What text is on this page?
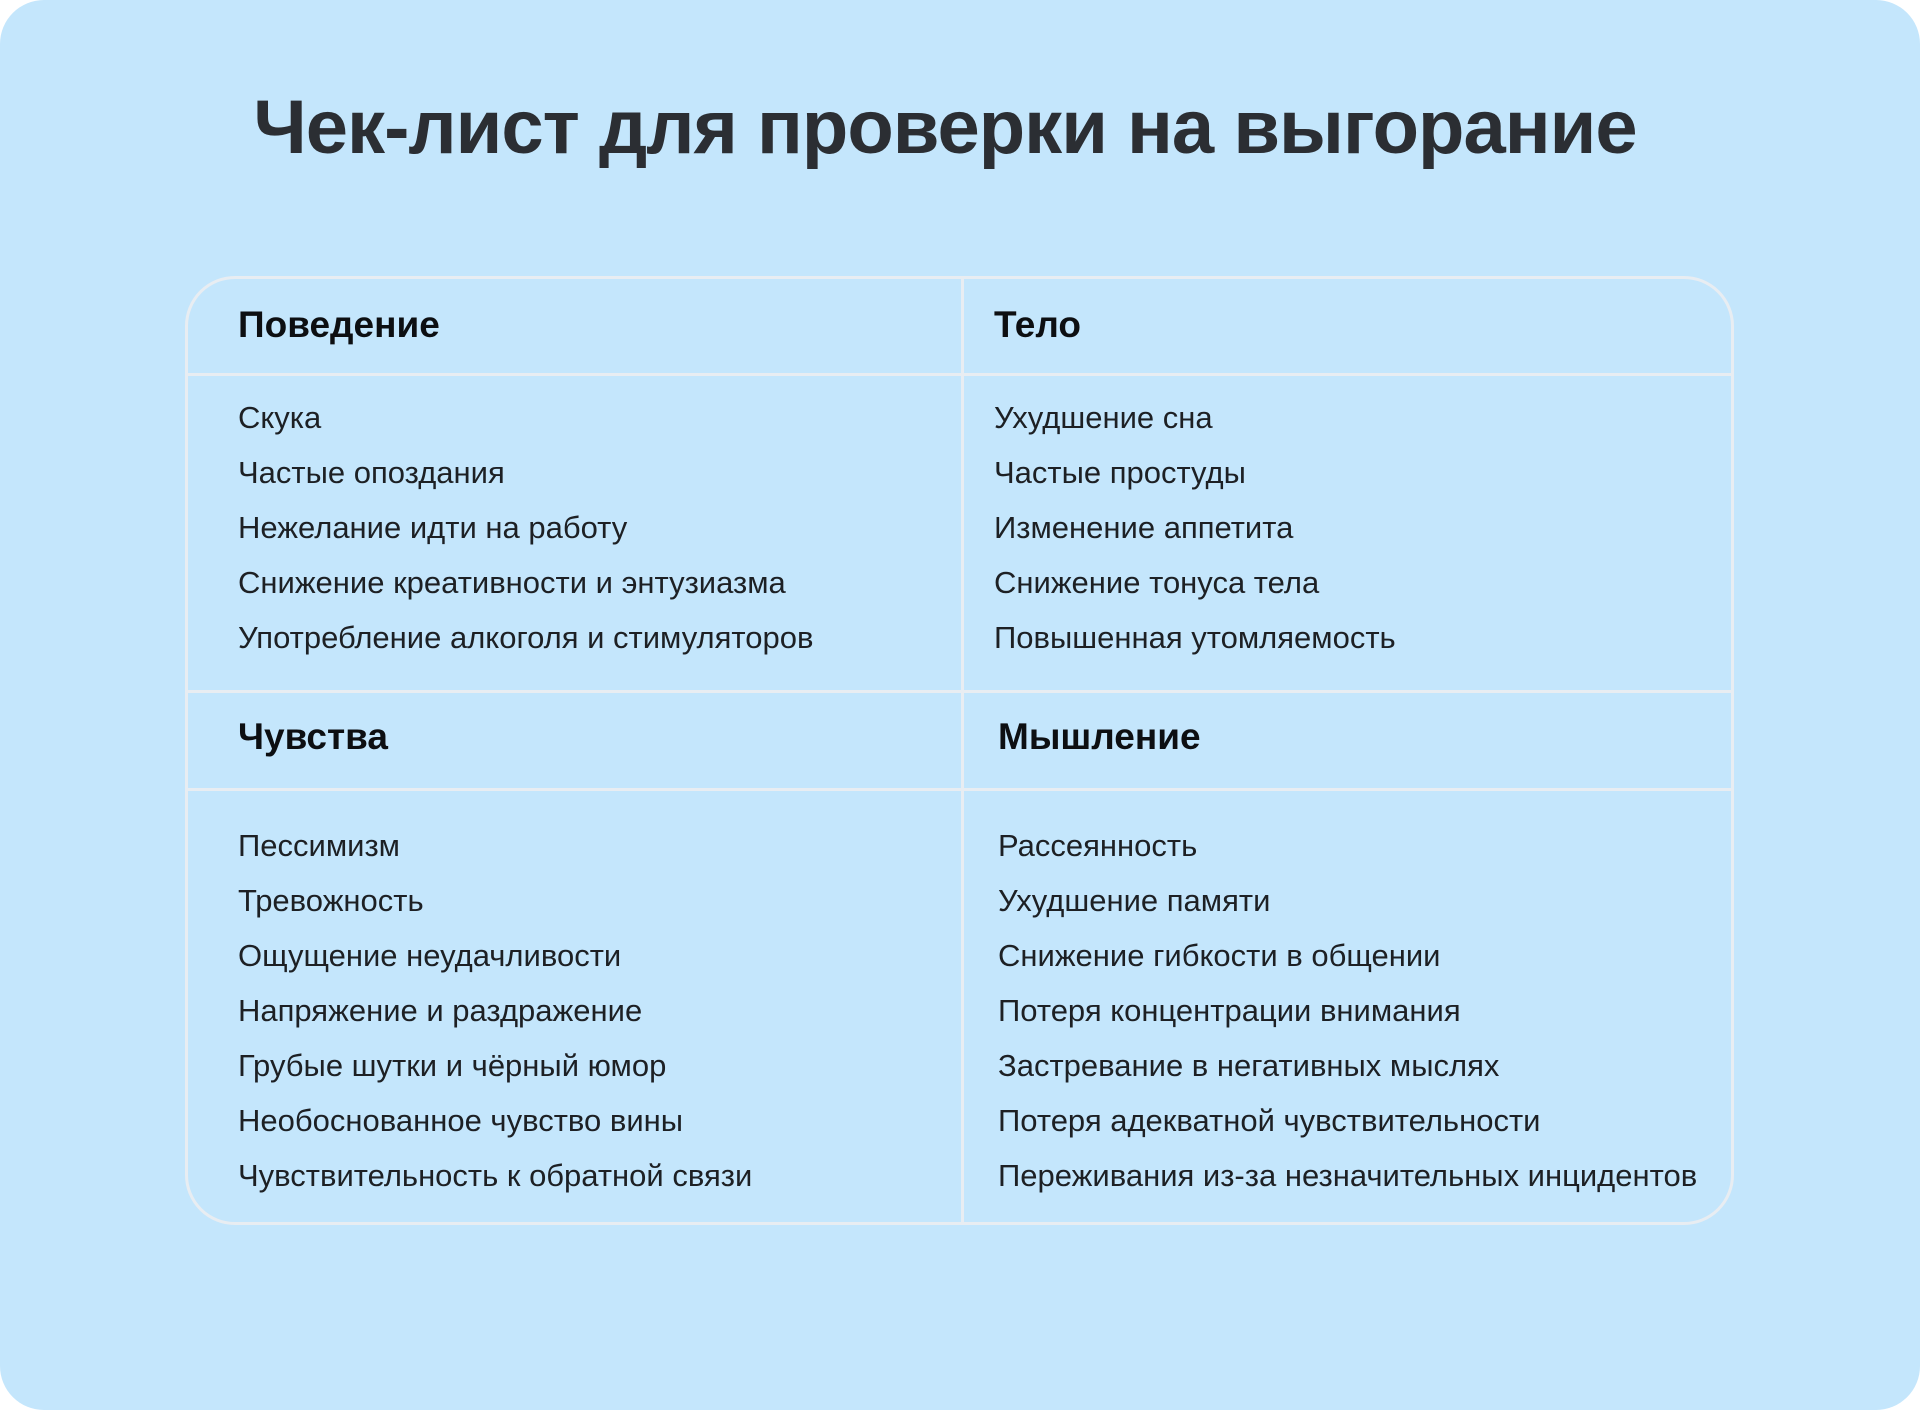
Чек-лист для проверки на выгорание
Поведение
Скука
Частые опоздания
Нежелание идти на работу
Снижение креативности и энтузиазма
Употребление алкоголя и стимуляторов
Тело
Ухудшение сна
Частые простуды
Изменение аппетита
Снижение тонуса тела
Повышенная утомляемость
Чувства
Пессимизм
Тревожность
Ощущение неудачливости
Напряжение и раздражение
Грубые шутки и чёрный юмор
Необоснованное чувство вины
Чувствительность к обратной связи
Мышление
Рассеянность
Ухудшение памяти
Снижение гибкости в общении
Потеря концентрации внимания
Застревание в негативных мыслях
Потеря адекватной чувствительности
Переживания из-за незначительных инцидентов
